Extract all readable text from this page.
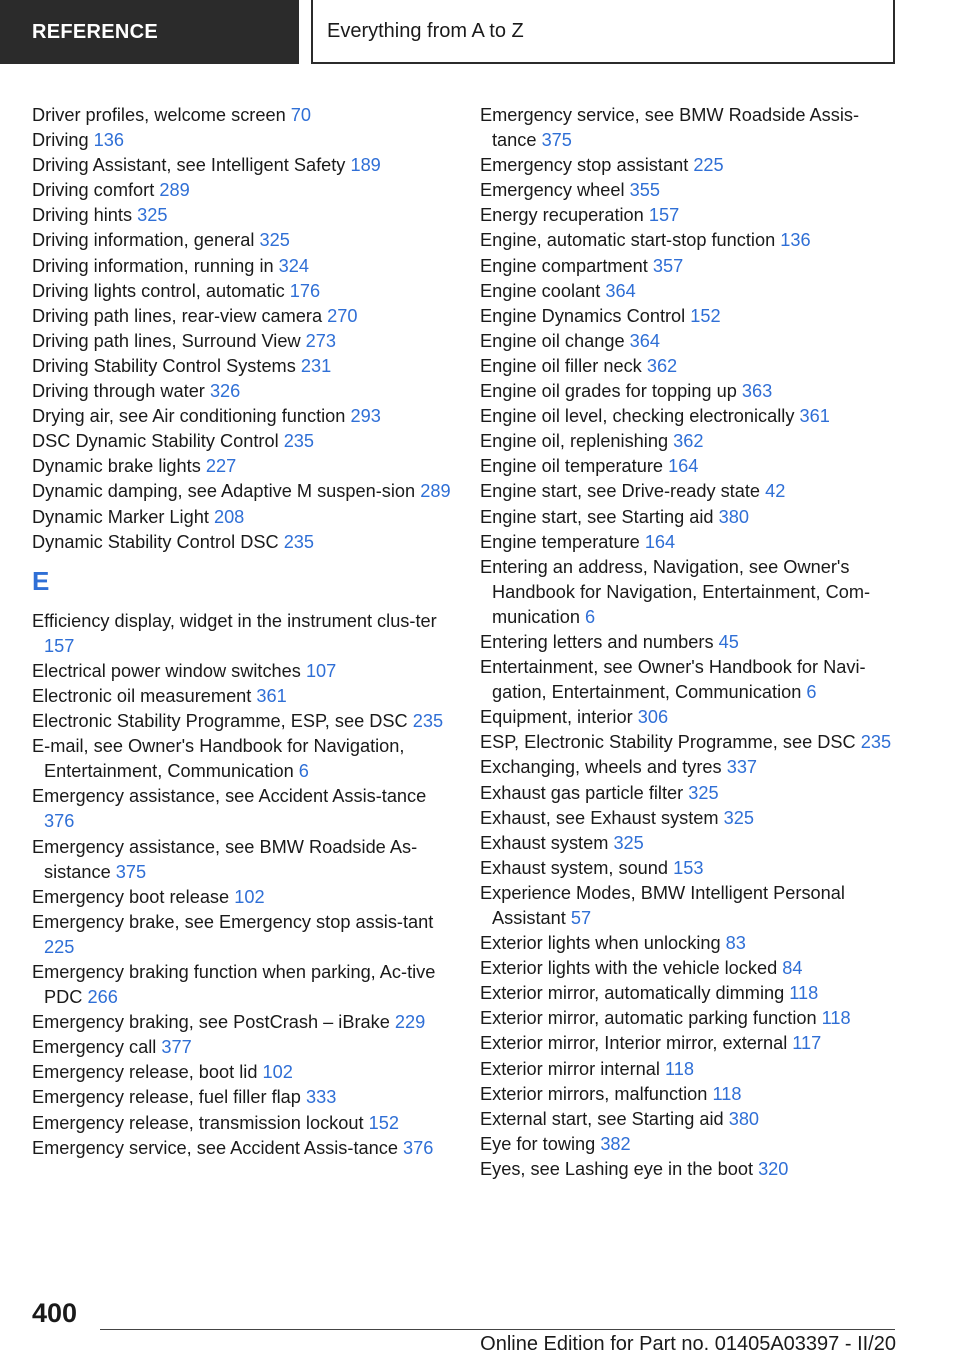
REFERENCE	Everything from A to Z

Driver profiles, welcome screen 70

Driving 136

Driving Assistant, see Intelligent Safety 189

Driving comfort 289

Driving hints 325

Driving information, general 325

Driving information, running in 324

Driving lights control, automatic 176

Driving path lines, rear-view camera 270

Driving path lines, Surround View 273

Driving Stability Control Systems 231

Driving through water 326

Drying air, see Air conditioning function 293

DSC Dynamic Stability Control 235

Dynamic brake lights 227

Dynamic damping, see Adaptive M suspen-sion 289

Dynamic Marker Light 208

Dynamic Stability Control DSC 235

E

Efficiency display, widget in the instrument clus-ter 157

Electrical power window switches 107

Electronic oil measurement 361

Electronic Stability Programme, ESP, see DSC 235

E-mail, see Owner's Handbook for Navigation, Entertainment, Communication 6

Emergency assistance, see Accident Assis-tance 376

Emergency assistance, see BMW Roadside As-sistance 375

Emergency boot release 102

Emergency brake, see Emergency stop assis-tant 225

Emergency braking function when parking, Ac-tive PDC 266

Emergency braking, see PostCrash – iBrake 229

Emergency call 377

Emergency release, boot lid 102

Emergency release, fuel filler flap 333

Emergency release, transmission lockout 152

Emergency service, see Accident Assis-tance 376

Emergency service, see BMW Roadside Assis-tance 375

Emergency stop assistant 225

Emergency wheel 355

Energy recuperation 157

Engine, automatic start-stop function 136

Engine compartment 357

Engine coolant 364

Engine Dynamics Control 152

Engine oil change 364

Engine oil filler neck 362

Engine oil grades for topping up 363

Engine oil level, checking electronically 361

Engine oil, replenishing 362

Engine oil temperature 164

Engine start, see Drive-ready state 42

Engine start, see Starting aid 380

Engine temperature 164

Entering an address, Navigation, see Owner's Handbook for Navigation, Entertainment, Com-munication 6

Entering letters and numbers 45

Entertainment, see Owner's Handbook for Navi-gation, Entertainment, Communication 6

Equipment, interior 306

ESP, Electronic Stability Programme, see DSC 235

Exchanging, wheels and tyres 337

Exhaust gas particle filter 325

Exhaust, see Exhaust system 325

Exhaust system 325

Exhaust system, sound 153

Experience Modes, BMW Intelligent Personal Assistant 57

Exterior lights when unlocking 83

Exterior lights with the vehicle locked 84

Exterior mirror, automatically dimming 118

Exterior mirror, automatic parking function 118

Exterior mirror, Interior mirror, external 117

Exterior mirror internal 118

Exterior mirrors, malfunction 118

External start, see Starting aid 380

Eye for towing 382

Eyes, see Lashing eye in the boot 320

400
Online Edition for Part no. 01405A03397 - II/20
